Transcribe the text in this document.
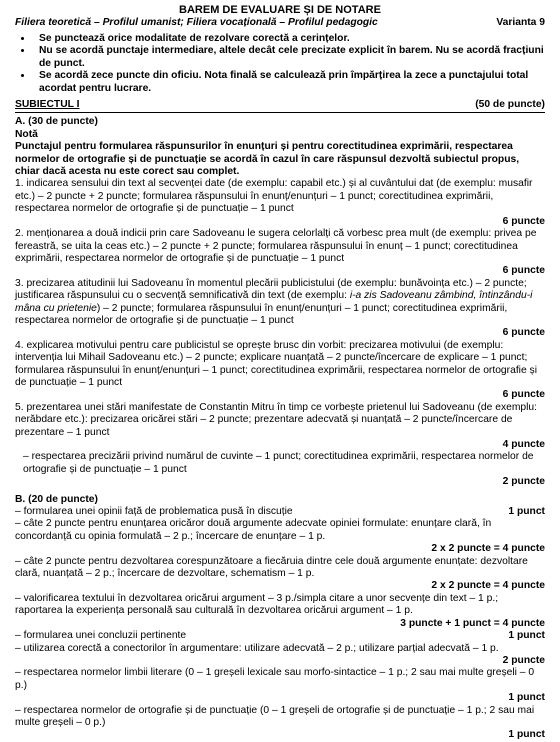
BAREM DE EVALUARE ȘI DE NOTARE
Filiera teoretică – Profilul umanist; Filiera vocațională – Profilul pedagogic	Varianta 9
• Se punctează orice modalitate de rezolvare corectă a cerințelor.
• Nu se acordă punctaje intermediare, altele decât cele precizate explicit în barem. Nu se acordă fracțiuni de punct.
• Se acordă zece puncte din oficiu. Nota finală se calculează prin împărțirea la zece a punctajului total acordat pentru lucrare.
SUBIECTUL I	(50 de puncte)
A. (30 de puncte)
Notă
Punctajul pentru formularea răspunsurilor în enunțuri și pentru corectitudinea exprimării, respectarea normelor de ortografie și de punctuație se acordă în cazul în care răspunsul dezvoltă subiectul propus, chiar dacă acesta nu este corect sau complet.
1. indicarea sensului din text al secvenței date (de exemplu: capabil etc.) și al cuvântului dat (de exemplu: musafir etc.) – 2 puncte + 2 puncte; formularea răspunsului în enunț/enunțuri – 1 punct; corectitudinea exprimării, respectarea normelor de ortografie și de punctuație – 1 punct
6 puncte
2. menționarea a două indicii prin care Sadoveanu le sugera celorlalți că vorbesc prea mult (de exemplu: privea pe fereastră, se uita la ceas etc.) – 2 puncte + 2 puncte; formularea răspunsului în enunț – 1 punct; corectitudinea exprimării, respectarea normelor de ortografie și de punctuație – 1 punct
6 puncte
3. precizarea atitudinii lui Sadoveanu în momentul plecării publicistului (de exemplu: bunăvoința etc.) – 2 puncte; justificarea răspunsului cu o secvență semnificativă din text (de exemplu: i-a zis Sadoveanu zâmbind, întinzându-i mâna cu prietenie) – 2 puncte; formularea răspunsului în enunț/enunțuri – 1 punct; corectitudinea exprimării, respectarea normelor de ortografie și de punctuație – 1 punct
6 puncte
4. explicarea motivului pentru care publicistul se oprește brusc din vorbit: precizarea motivului (de exemplu: intervenția lui Mihail Sadoveanu etc.) – 2 puncte; explicare nuanțată – 2 puncte/încercare de explicare – 1 punct; formularea răspunsului în enunț/enunțuri – 1 punct; corectitudinea exprimării, respectarea normelor de ortografie și de punctuație – 1 punct
6 puncte
5. prezentarea unei stări manifestate de Constantin Mitru în timp ce vorbește prietenul lui Sadoveanu (de exemplu: nerăbdare etc.): precizarea oricărei stări – 2 puncte; prezentare adecvată și nuanțată – 2 puncte/încercare de prezentare – 1 punct
4 puncte
– respectarea precizării privind numărul de cuvinte – 1 punct; corectitudinea exprimării, respectarea normelor de ortografie și de punctuație – 1 punct
2 puncte
B. (20 de puncte)
– formularea unei opinii față de problematica pusă în discuție	1 punct
– câte 2 puncte pentru enunțarea oricăror două argumente adecvate opiniei formulate: enunțare clară, în concordanță cu opinia formulată – 2 p.; încercare de enunțare – 1 p.
2 x 2 puncte = 4 puncte
– câte 2 puncte pentru dezvoltarea corespunzătoare a fiecăruia dintre cele două argumente enunțate: dezvoltare clară, nuanțată – 2 p.; încercare de dezvoltare, schematism – 1 p.
2 x 2 puncte = 4 puncte
– valorificarea textului în dezvoltarea oricărui argument – 3 p./simpla citare a unor secvențe din text – 1 p.; raportarea la experiența personală sau culturală în dezvoltarea oricărui argument – 1 p.
3 puncte + 1 punct = 4 puncte
– formularea unei concluzii pertinente	1 punct
– utilizarea corectă a conectorilor în argumentare: utilizare adecvată – 2 p.; utilizare parțial adecvată – 1 p.
2 puncte
– respectarea normelor limbii literare (0 – 1 greșeli lexicale sau morfo-sintactice – 1 p.; 2 sau mai multe greșeli – 0 p.)
1 punct
– respectarea normelor de ortografie și de punctuație (0 – 1 greșeli de ortografie și de punctuație – 1 p.; 2 sau mai multe greșeli – 0 p.)
1 punct
